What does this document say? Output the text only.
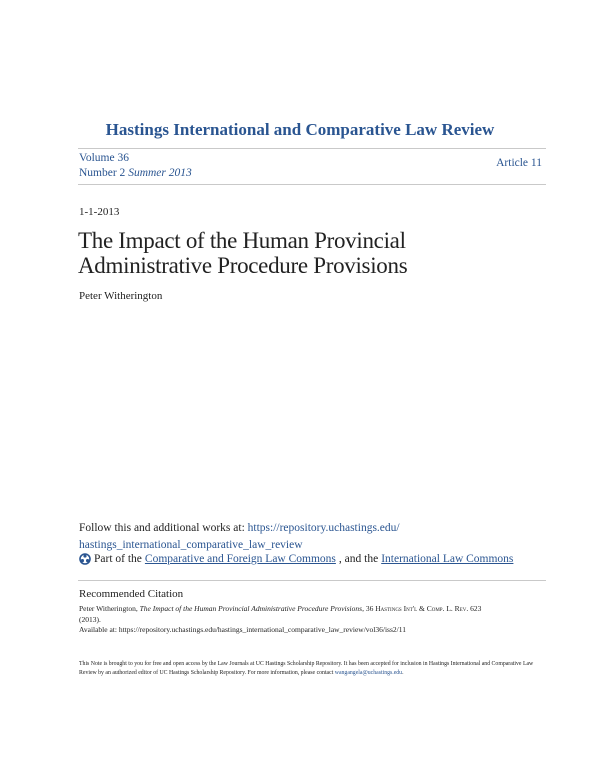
Hastings International and Comparative Law Review
Volume 36
Number 2 Summer 2013
Article 11
1-1-2013
The Impact of the Human Provincial
Administrative Procedure Provisions
Peter Witherington
Follow this and additional works at: https://repository.uchastings.edu/
hastings_international_comparative_law_review
Part of the Comparative and Foreign Law Commons , and the International Law Commons
Recommended Citation
Peter Witherington, The Impact of the Human Provincial Administrative Procedure Provisions, 36 Hastings Int'l & Comp. L. Rev. 623
(2013).
Available at: https://repository.uchastings.edu/hastings_international_comparative_law_review/vol36/iss2/11
This Note is brought to you for free and open access by the Law Journals at UC Hastings Scholarship Repository. It has been accepted for inclusion in Hastings International and Comparative Law Review by an authorized editor of UC Hastings Scholarship Repository. For more information, please contact wangangela@uchastings.edu.
